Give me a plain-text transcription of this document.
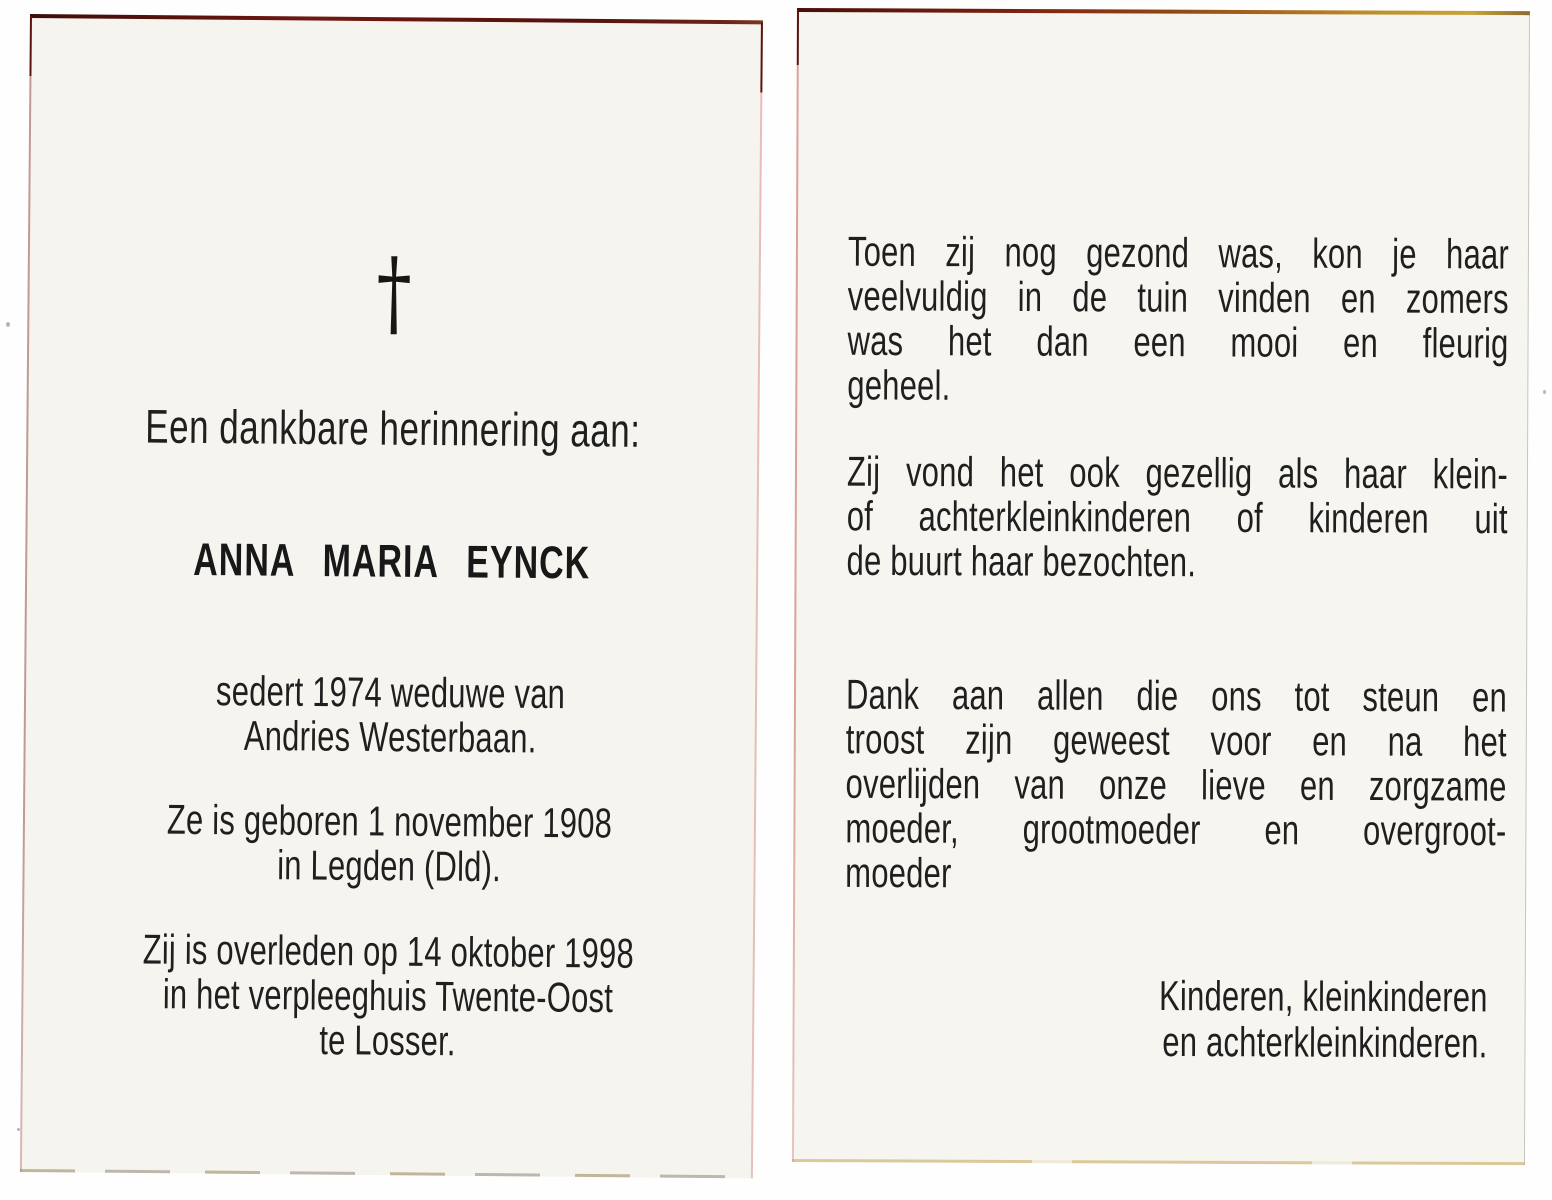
†
Een dankbare herinnering aan:
ANNA MARIA EYNCK
sedert 1974 weduwe van
Andries Westerbaan.
Ze is geboren 1 november 1908
in Legden (Dld).
Zij is overleden op 14 oktober 1998
in het verpleeghuis Twente-Oost
te Losser.
Toen zij nog gezond was, kon je haar
veelvuldig in de tuin vinden en zomers
was het dan een mooi en fleurig
geheel.
Zij vond het ook gezellig als haar klein-
of achterkleinkinderen of kinderen uit
de buurt haar bezochten.
Dank aan allen die ons tot steun en
troost zijn geweest voor en na het
overlijden van onze lieve en zorgzame
moeder, grootmoeder en overgroot-
moeder
Kinderen, kleinkinderen
en achterkleinkinderen.
